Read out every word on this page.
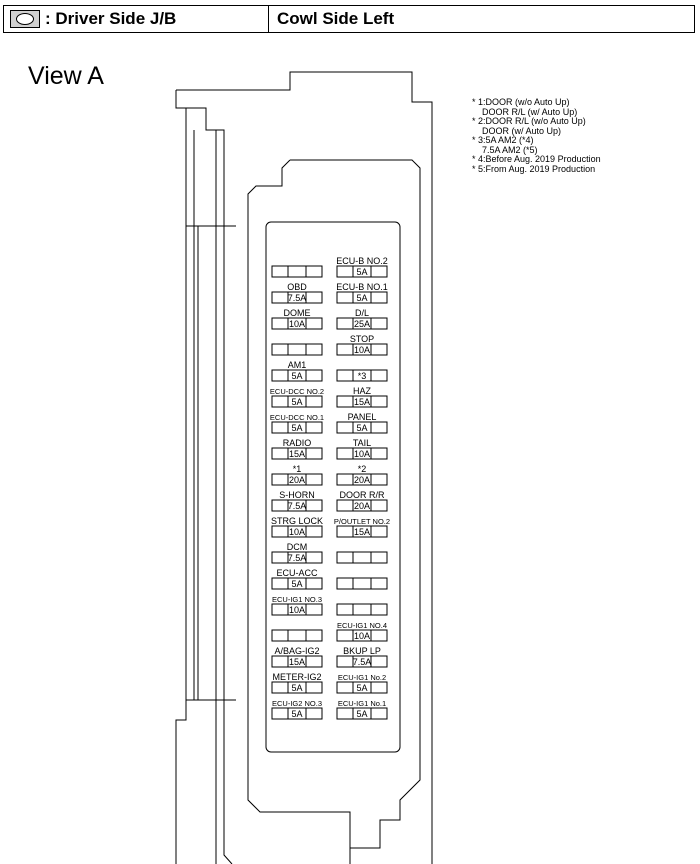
: Driver Side J/B	Cowl Side Left
View A
* 1:DOOR (w/o Auto Up)
DOOR R/L (w/ Auto Up)
* 2:DOOR R/L (w/o Auto Up)
DOOR (w/ Auto Up)
* 3:5A AM2 (*4)
7.5A AM2 (*5)
* 4:Before Aug. 2019 Production
* 5:From Aug. 2019 Production
OBD
7.5A
DOME
10A
AM1
5A
ECU-DCC NO.2
5A
ECU-DCC NO.1
5A
RADIO
15A
*1
20A
S-HORN
7.5A
STRG LOCK
10A
DCM
7.5A
ECU-ACC
5A
ECU-IG1 NO.3
10A
A/BAG-IG2
15A
METER-IG2
5A
ECU-IG2 NO.3
5A
ECU-B NO.2
5A
ECU-B NO.1
5A
D/L
25A
STOP
10A
*3
HAZ
15A
PANEL
5A
TAIL
10A
*2
20A
DOOR R/R
20A
P/OUTLET NO.2
15A
ECU-IG1 NO.4
10A
BKUP LP
7.5A
ECU-IG1 No.2
5A
ECU-IG1 No.1
5A
